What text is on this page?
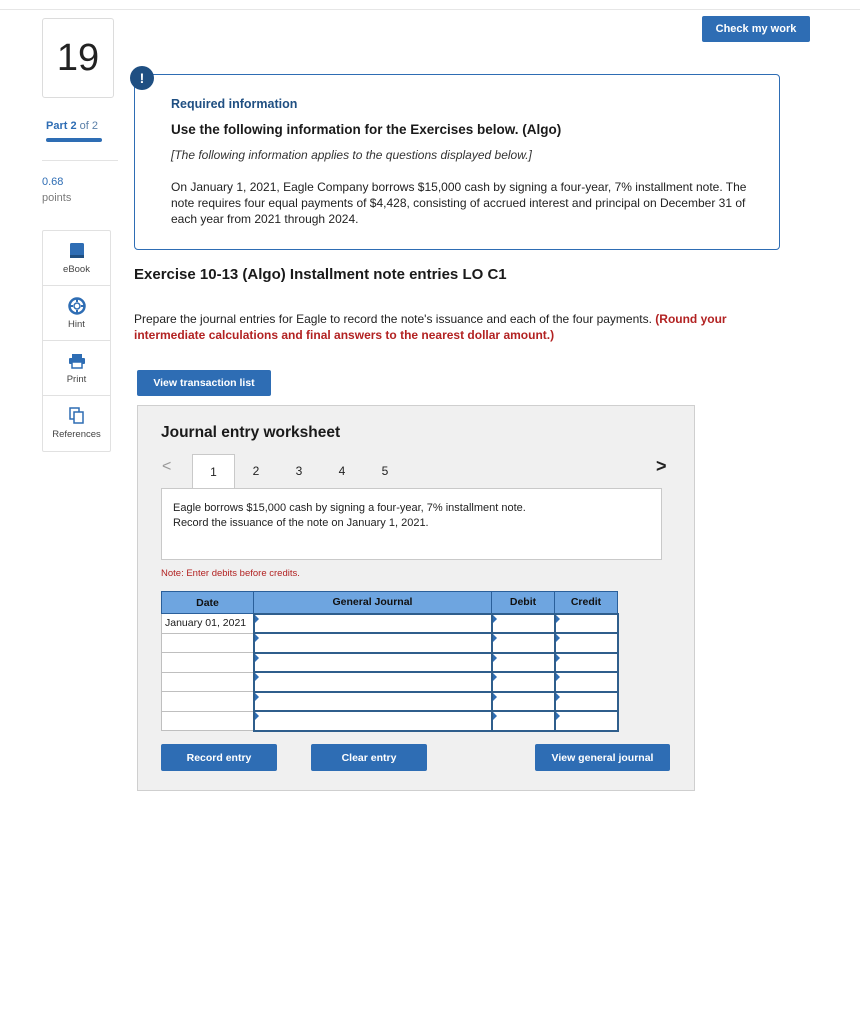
19
Part 2 of 2
0.68
points
eBook
Hint
Print
References
Check my work
!
Required information
Use the following information for the Exercises below. (Algo)
[The following information applies to the questions displayed below.]
On January 1, 2021, Eagle Company borrows $15,000 cash by signing a four-year, 7% installment note. The note requires four equal payments of $4,428, consisting of accrued interest and principal on December 31 of each year from 2021 through 2024.
Exercise 10-13 (Algo) Installment note entries LO C1
Prepare the journal entries for Eagle to record the note's issuance and each of the four payments. (Round your intermediate calculations and final answers to the nearest dollar amount.)
View transaction list
Journal entry worksheet
<	>
1	2	3	4	5
Eagle borrows $15,000 cash by signing a four-year, 7% installment note.
Record the issuance of the note on January 1, 2021.
Note: Enter debits before credits.
Date	General Journal	Debit	Credit
January 01, 2021			

Record entry	Clear entry	View general journal
